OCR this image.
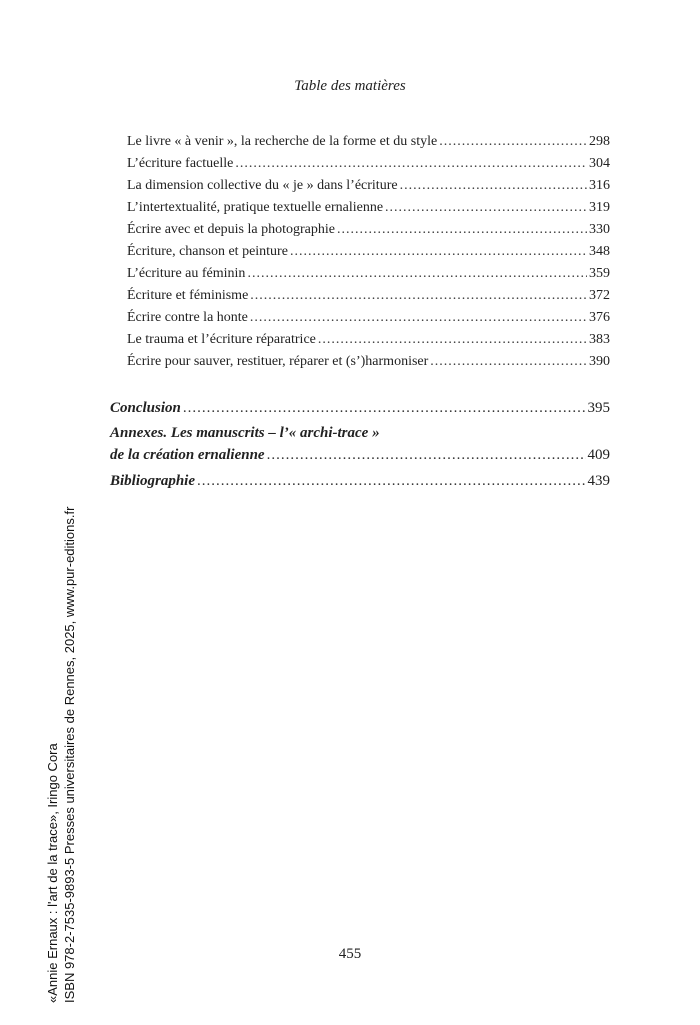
Table des matières
Le livre « à venir », la recherche de la forme et du style .....	298
L’écriture factuelle .....	304
La dimension collective du « je » dans l’écriture .....	316
L’intertextualité, pratique textuelle ernalienne .....	319
Écrire avec et depuis la photographie .....	330
Écriture, chanson et peinture .....	348
L’écriture au féminin .....	359
Écriture et féminisme .....	372
Écrire contre la honte .....	376
Le trauma et l’écriture réparatrice .....	383
Écrire pour sauver, restituer, réparer et (s’)harmoniser .....	390
Conclusion .....	395
Annexes. Les manuscrits – l’« archi-trace »
de la création ernalienne .....	409
Bibliographie .....	439
455
«Annie Ernaux : l'art de la trace», Iringo Cora ISBN 978-2-7535-9893-5 Presses universitaires de Rennes, 2025, www.pur-editions.fr
